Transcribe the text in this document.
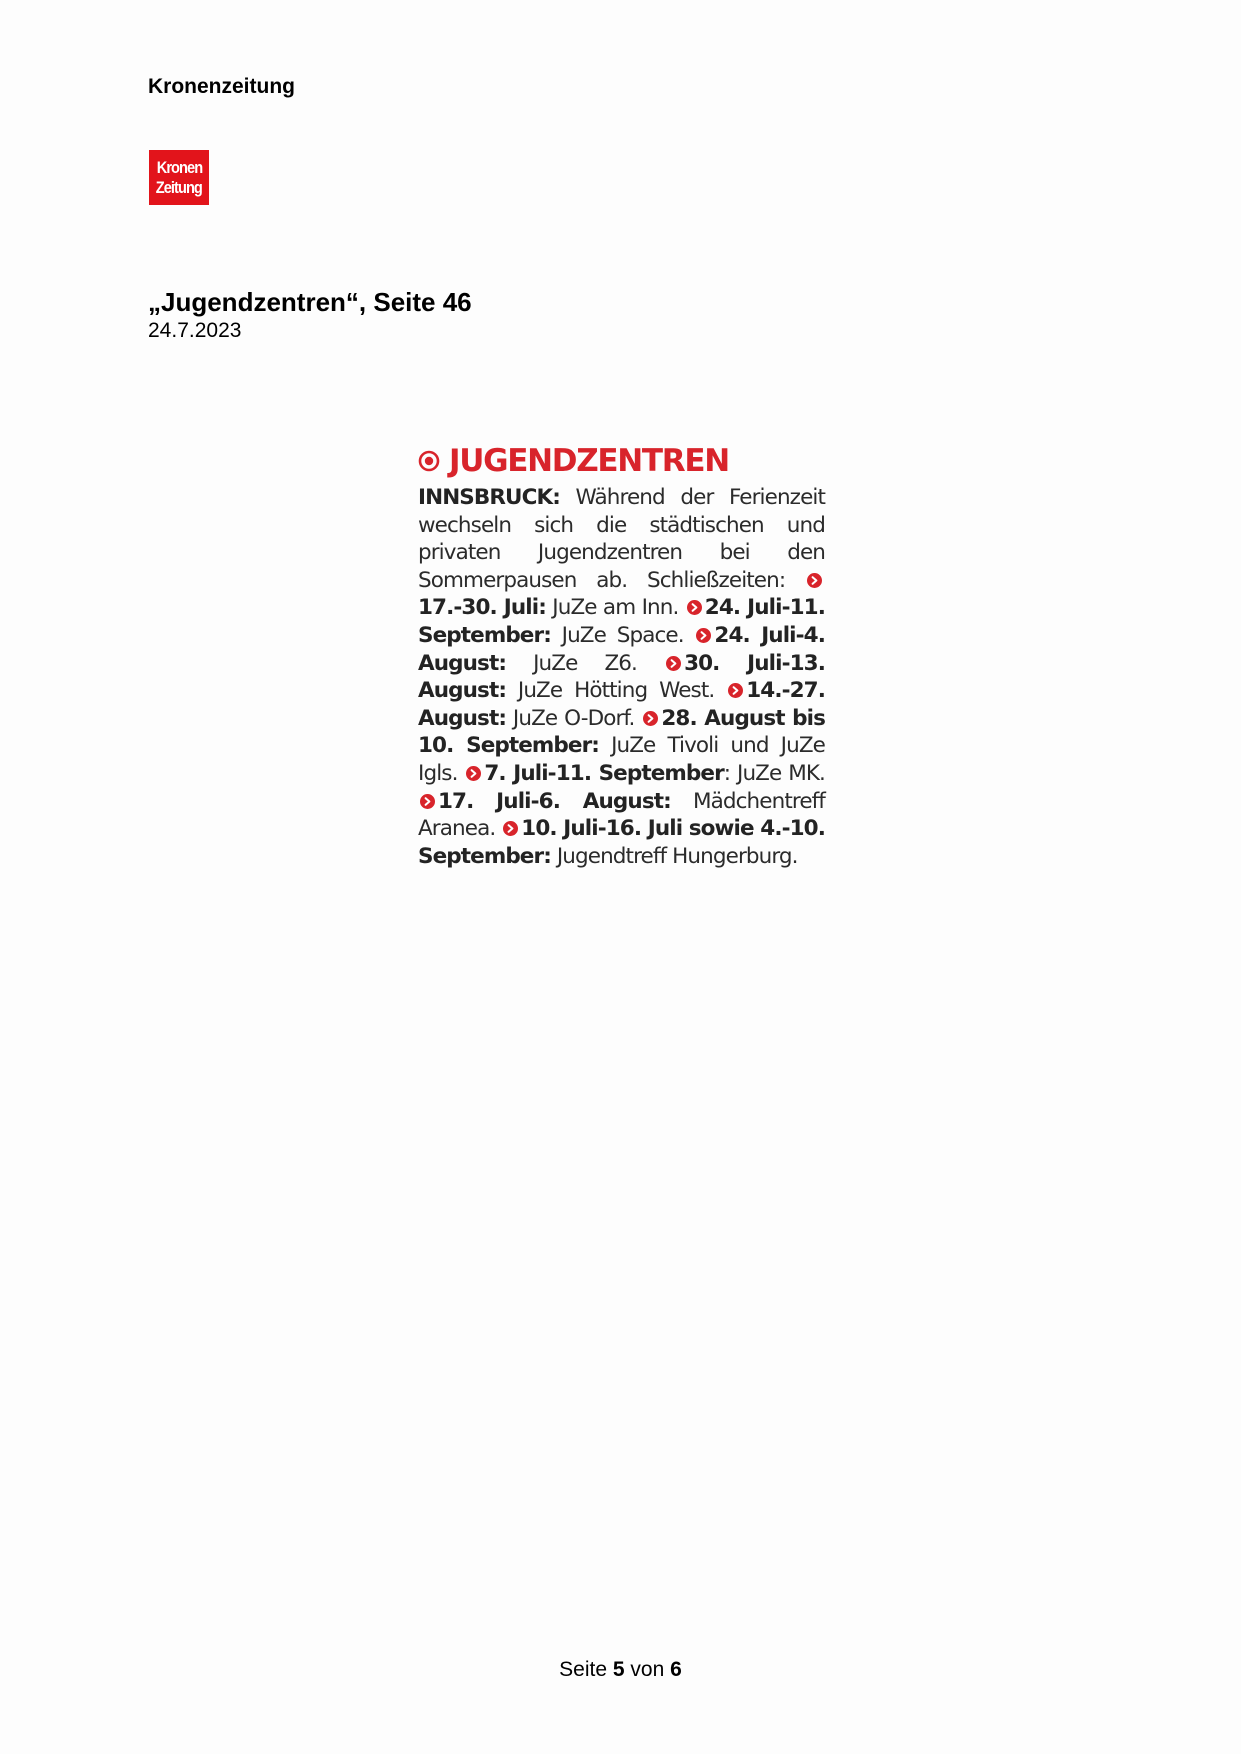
Kronenzeitung
Kronen
Zeitung
„Jugendzentren“, Seite 46
24.7.2023
JUGENDZENTREN

INNSBRUCK: Während der Ferienzeit wechseln sich die städtischen und privaten Jugendzentren bei den Sommerpausen ab. Schließzeiten: 17.-30. Juli: JuZe am Inn. 24. Juli-11. September: JuZe Space. 24. Juli-4. August: JuZe Z6. 30. Juli-13. August: JuZe Hötting West. 14.-27. August: JuZe O-Dorf. 28. August bis 10. September: JuZe Tivoli und JuZe Igls. 7. Juli-11. September: JuZe MK. 17. Juli-6. August: Mädchentreff Aranea. 10. Juli-16. Juli sowie 4.-10. September: Jugendtreff Hungerburg.

Seite 5 von 6
